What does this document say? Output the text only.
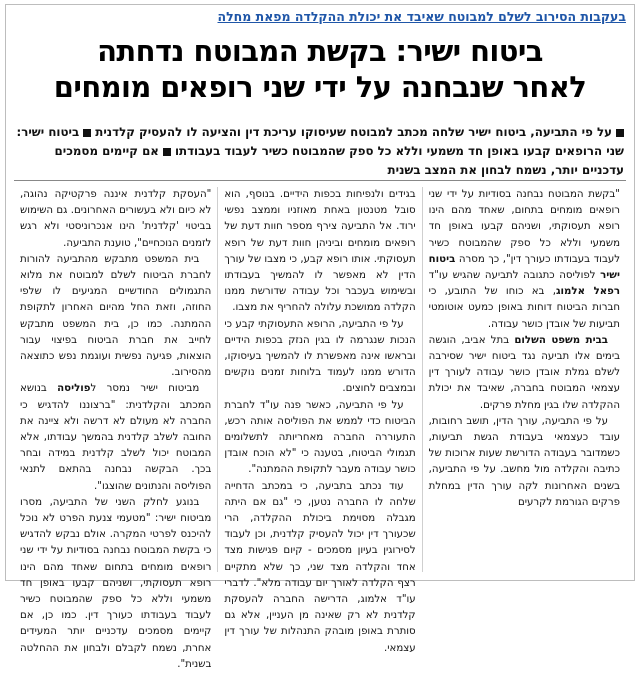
בעקבות הסירוב לשלם למבוטח שאיבד את יכולת ההקלדה מפאת מחלה
ביטוח ישיר: בקשת המבוטח נדחתה
לאחר שנבחנה על ידי שני רופאים מומחים
על פי התביעה, ביטוח ישיר שלחה מכתב למבוטח שעיסוקו עריכת דין והציעה לו להעסיק קלדנית ביטוח ישיר: שני הרופאים קבעו באופן חד משמעי וללא כל ספק שהמבוטח כשיר לעבוד בעבודתו אם קיימים מסמכים עדכניים יותר, נשמח לבחון את המצב בשנית

"בקשת המבוטח נבחנה בסודיות על ידי שני רופאים מומחים בתחום, שאחד מהם הינו רופא תעסוקתי, ושניהם קבעו באופן חד משמעי וללא כל ספק שהמבוטח כשיר לעבוד בעבודתו כעורך דין", כך מסרה ביטוח ישיר לפוליסה כתגובה לתביעה שהגיש עו"ד רפאל אלמוג, בא כוחו של התובע, כי חברות הביטוח דוחות באופן כמעט אוטומטי תביעות של אובדן כושר עבודה.

בבית משפט השלום בתל אביב, הוגשה בימים אלו תביעה נגד ביטוח ישיר שסירבה לשלם גמלת אובדן כושר עבודה לעורך דין עצמאי המבוטח בחברה, שאיבד את יכולת ההקלדה שלו בגין מחלת פרקים.

על פי התביעה, עורך הדין, תושב רחובות, עובד כעצמאי בעבודת הגשת תביעות, כשמדובר בעבודה הדורשת שעות ארוכות של כתיבה והקלדה מול מחשב. על פי התביעה, בשנים האחרונות לקה עורך הדין במחלת פרקים הגורמת לקרעים

בגידים ולנפיחות בכפות הידיים. בנוסף, הוא סובל מטנטון באחת מאוזניו וממצב נפשי ירוד. אל התביעה צירף מספר חוות דעת של רופאים מומחים וביניהן חוות דעת של רופא תעסוקתי. אותו רופא קבע, כי מצבו של עורך הדין לא מאפשר לו להמשיך בעבודתו ובשימוש בעכבר וכל עבודה שדורשת ממנו הקלדה ממושכת עלולה להחריף את מצבו.

על פי התביעה, הרופא התעסוקתי קבע כי הנכות שנגרמה לו בגין הנזק בכפות הידיים ובראשו אינה מאפשרת לו להמשיך בעיסוקו, הדורש ממנו לעמוד בלוחות זמנים נוקשים ובמצבים לחוצים.

על פי התביעה, כאשר פנה עו"ד לחברת הביטוח כדי לממש את הפוליסה אותה רכש, התעוררה החברה מאחריותה לתשלומים תגמולי הביטוח, בטענה כי "לא הוכח אובדן כושר עבודה מעבר לתקופת ההמתנה".

עוד נכתב בתביעה, כי במכתב הדחייה שלחה לו החברה נטען, כי "גם אם היתה מגבלה מסוימת ביכולת ההקלדה, הרי שכעורך דין יכול להעסיק קלדנית, וכן לעבוד לסירוגין בעיון מסמכים - קיום פגישות מצד אחד והקלדה מצד שני, כך שלא מתקיים רצף הקלדה לאורך יום עבודה מלא". לדברי עו"ד אלמוג, הדרישה החברה להעסקת קלדנית לא רק שאינה מן העניין, אלא גם סותרת באופן מובהק התנהלות של עורך דין עצמאי.

"העסקת קלדנית איננה פרקטיקה נהוגה, לא כיום ולא בעשורים האחרונים. גם השימוש בביטוי 'קלדנית' הינו אנכרוניסטי ולא רגש לזמנים הנוכחיים", טוענת התביעה.

בית המשפט מתבקש מהתביעה להורות לחברת הביטוח לשלם למבוטח את מלוא התגמולים החודשיים המגיעים לו שלפי החוזה, וזאת החל מהיום האחרון לתקופת ההמתנה. כמו כן, בית המשפט מתבקש לחייב את חברת הביטוח בפיצוי עבור הוצאות, פגיעה נפשית ועוגמת נפש כתוצאה מהסירוב.

מביטוח ישיר נמסר לפוליסה בנושא המכתב והקלדנית: "ברצוננו להדגיש כי החברה לא מעולם לא דרשה ולא ציינה את החובה לשלב קלדנית בהמשך עבודתו, אלא המבוטח יכול לשלב קלדנית במידה ובחר בכך. הבקשה נבחנה בהתאם לתנאי הפוליסה והנתונים שהוצגו".

בנוגע לחלק השני של התביעה, מסרו מביטוח ישיר: "מטעמי צנעת הפרט לא נוכל להיכנס לפרטי המקרה. אולם נבקש להדגיש כי בקשת המבוטח נבחנה בסודיות על ידי שני רופאים מומחים בתחום שאחד מהם הינו רופא תעסוקתי, ושניהם קבעו באופן חד משמעי וללא כל ספק שהמבוטח כשיר לעבוד בעבודתו כעורך דין. כמו כן, אם קיימים מסמכים עדכניים יותר המעידים אחרת, נשמח לקבלם ולבחון את ההחלטה בשנית".
